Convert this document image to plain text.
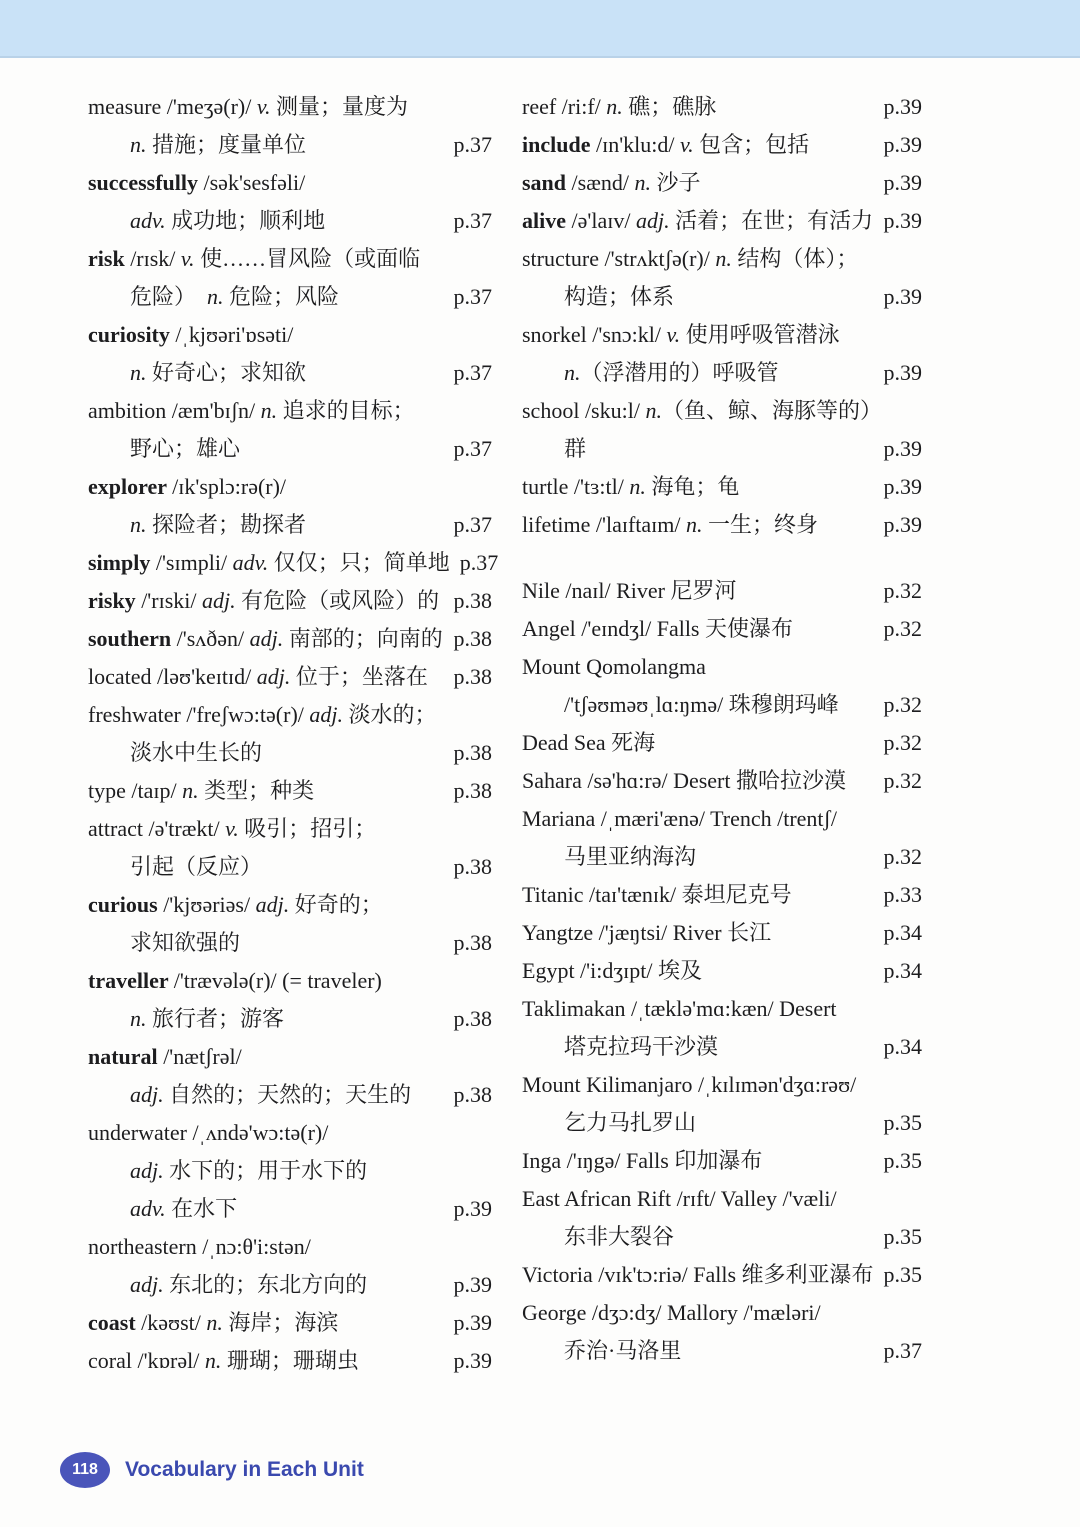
measure /'meʒə(r)/ v. 测量；量度为
n. 措施；度量单位	p.37
successfully /sək'sesfəli/
adv. 成功地；顺利地	p.37
risk /rɪsk/ v. 使……冒风险（或面临
危险）　n. 危险；风险	p.37
curiosity /ˌkjʊəri'ɒsəti/
n. 好奇心；求知欲	p.37
ambition /æm'bɪʃn/ n. 追求的目标；
野心；雄心	p.37
explorer /ɪk'splɔ:rə(r)/
n. 探险者；勘探者	p.37
simply /'sɪmpli/ adv. 仅仅；只；简单地 p.37
risky /'rɪski/ adj. 有危险（或风险）的 p.38
southern /'sʌðən/ adj. 南部的；向南的 p.38
located /ləʊ'keɪtɪd/ adj. 位于；坐落在 p.38
freshwater /'freʃwɔ:tə(r)/ adj. 淡水的；
淡水中生长的	p.38
type /taɪp/ n. 类型；种类	p.38
attract /ə'trækt/ v. 吸引；招引；
引起（反应）	p.38
curious /'kjʊəriəs/ adj. 好奇的；
求知欲强的	p.38
traveller /'trævələ(r)/ (= traveler)
n. 旅行者；游客	p.38
natural /'nætʃrəl/
adj. 自然的；天然的；天生的 p.38
underwater /ˌʌndə'wɔ:tə(r)/
adj. 水下的；用于水下的
adv. 在水下	p.39
northeastern /ˌnɔ:θ'i:stən/
adj. 东北的；东北方向的	p.39
coast /kəʊst/ n. 海岸；海滨	p.39
coral /'kɒrəl/ n. 珊瑚；珊瑚虫	p.39
reef /ri:f/ n. 礁；礁脉	p.39
include /ɪn'klu:d/ v. 包含；包括	p.39
sand /sænd/ n. 沙子	p.39
alive /ə'laɪv/ adj. 活着；在世；有活力 p.39
structure /'strʌktʃə(r)/ n. 结构（体）；
构造；体系	p.39
snorkel /'snɔ:kl/ v. 使用呼吸管潜泳
n.（浮潜用的）呼吸管	p.39
school /sku:l/ n.（鱼、鲸、海豚等的）
群	p.39
turtle /'tɜ:tl/ n. 海龟；龟	p.39
lifetime /'laɪftaɪm/ n. 一生；终身	p.39
Nile /naɪl/ River 尼罗河	p.32
Angel /'eɪndʒl/ Falls 天使瀑布	p.32
Mount Qomolangma
/'tʃəʊməʊˌlɑ:ŋmə/ 珠穆朗玛峰 p.32
Dead Sea 死海	p.32
Sahara /sə'hɑ:rə/ Desert 撒哈拉沙漠 p.32
Mariana /ˌmæri'ænə/ Trench /trentʃ/
马里亚纳海沟	p.32
Titanic /taɪ'tænɪk/ 泰坦尼克号	p.33
Yangtze /'jæŋtsi/ River 长江	p.34
Egypt /'i:dʒɪpt/ 埃及	p.34
Taklimakan /ˌtæklə'mɑ:kæn/ Desert
塔克拉玛干沙漠	p.34
Mount Kilimanjaro /ˌkɪlɪmən'dʒɑ:rəʊ/
乞力马扎罗山	p.35
Inga /'ɪŋgə/ Falls 印加瀑布	p.35
East African Rift /rɪft/ Valley /'væli/
东非大裂谷	p.35
Victoria /vɪk'tɔ:riə/ Falls 维多利亚瀑布 p.35
George /dʒɔ:dʒ/ Mallory /'mæləri/
乔治·马洛里	p.37
118	Vocabulary in Each Unit
